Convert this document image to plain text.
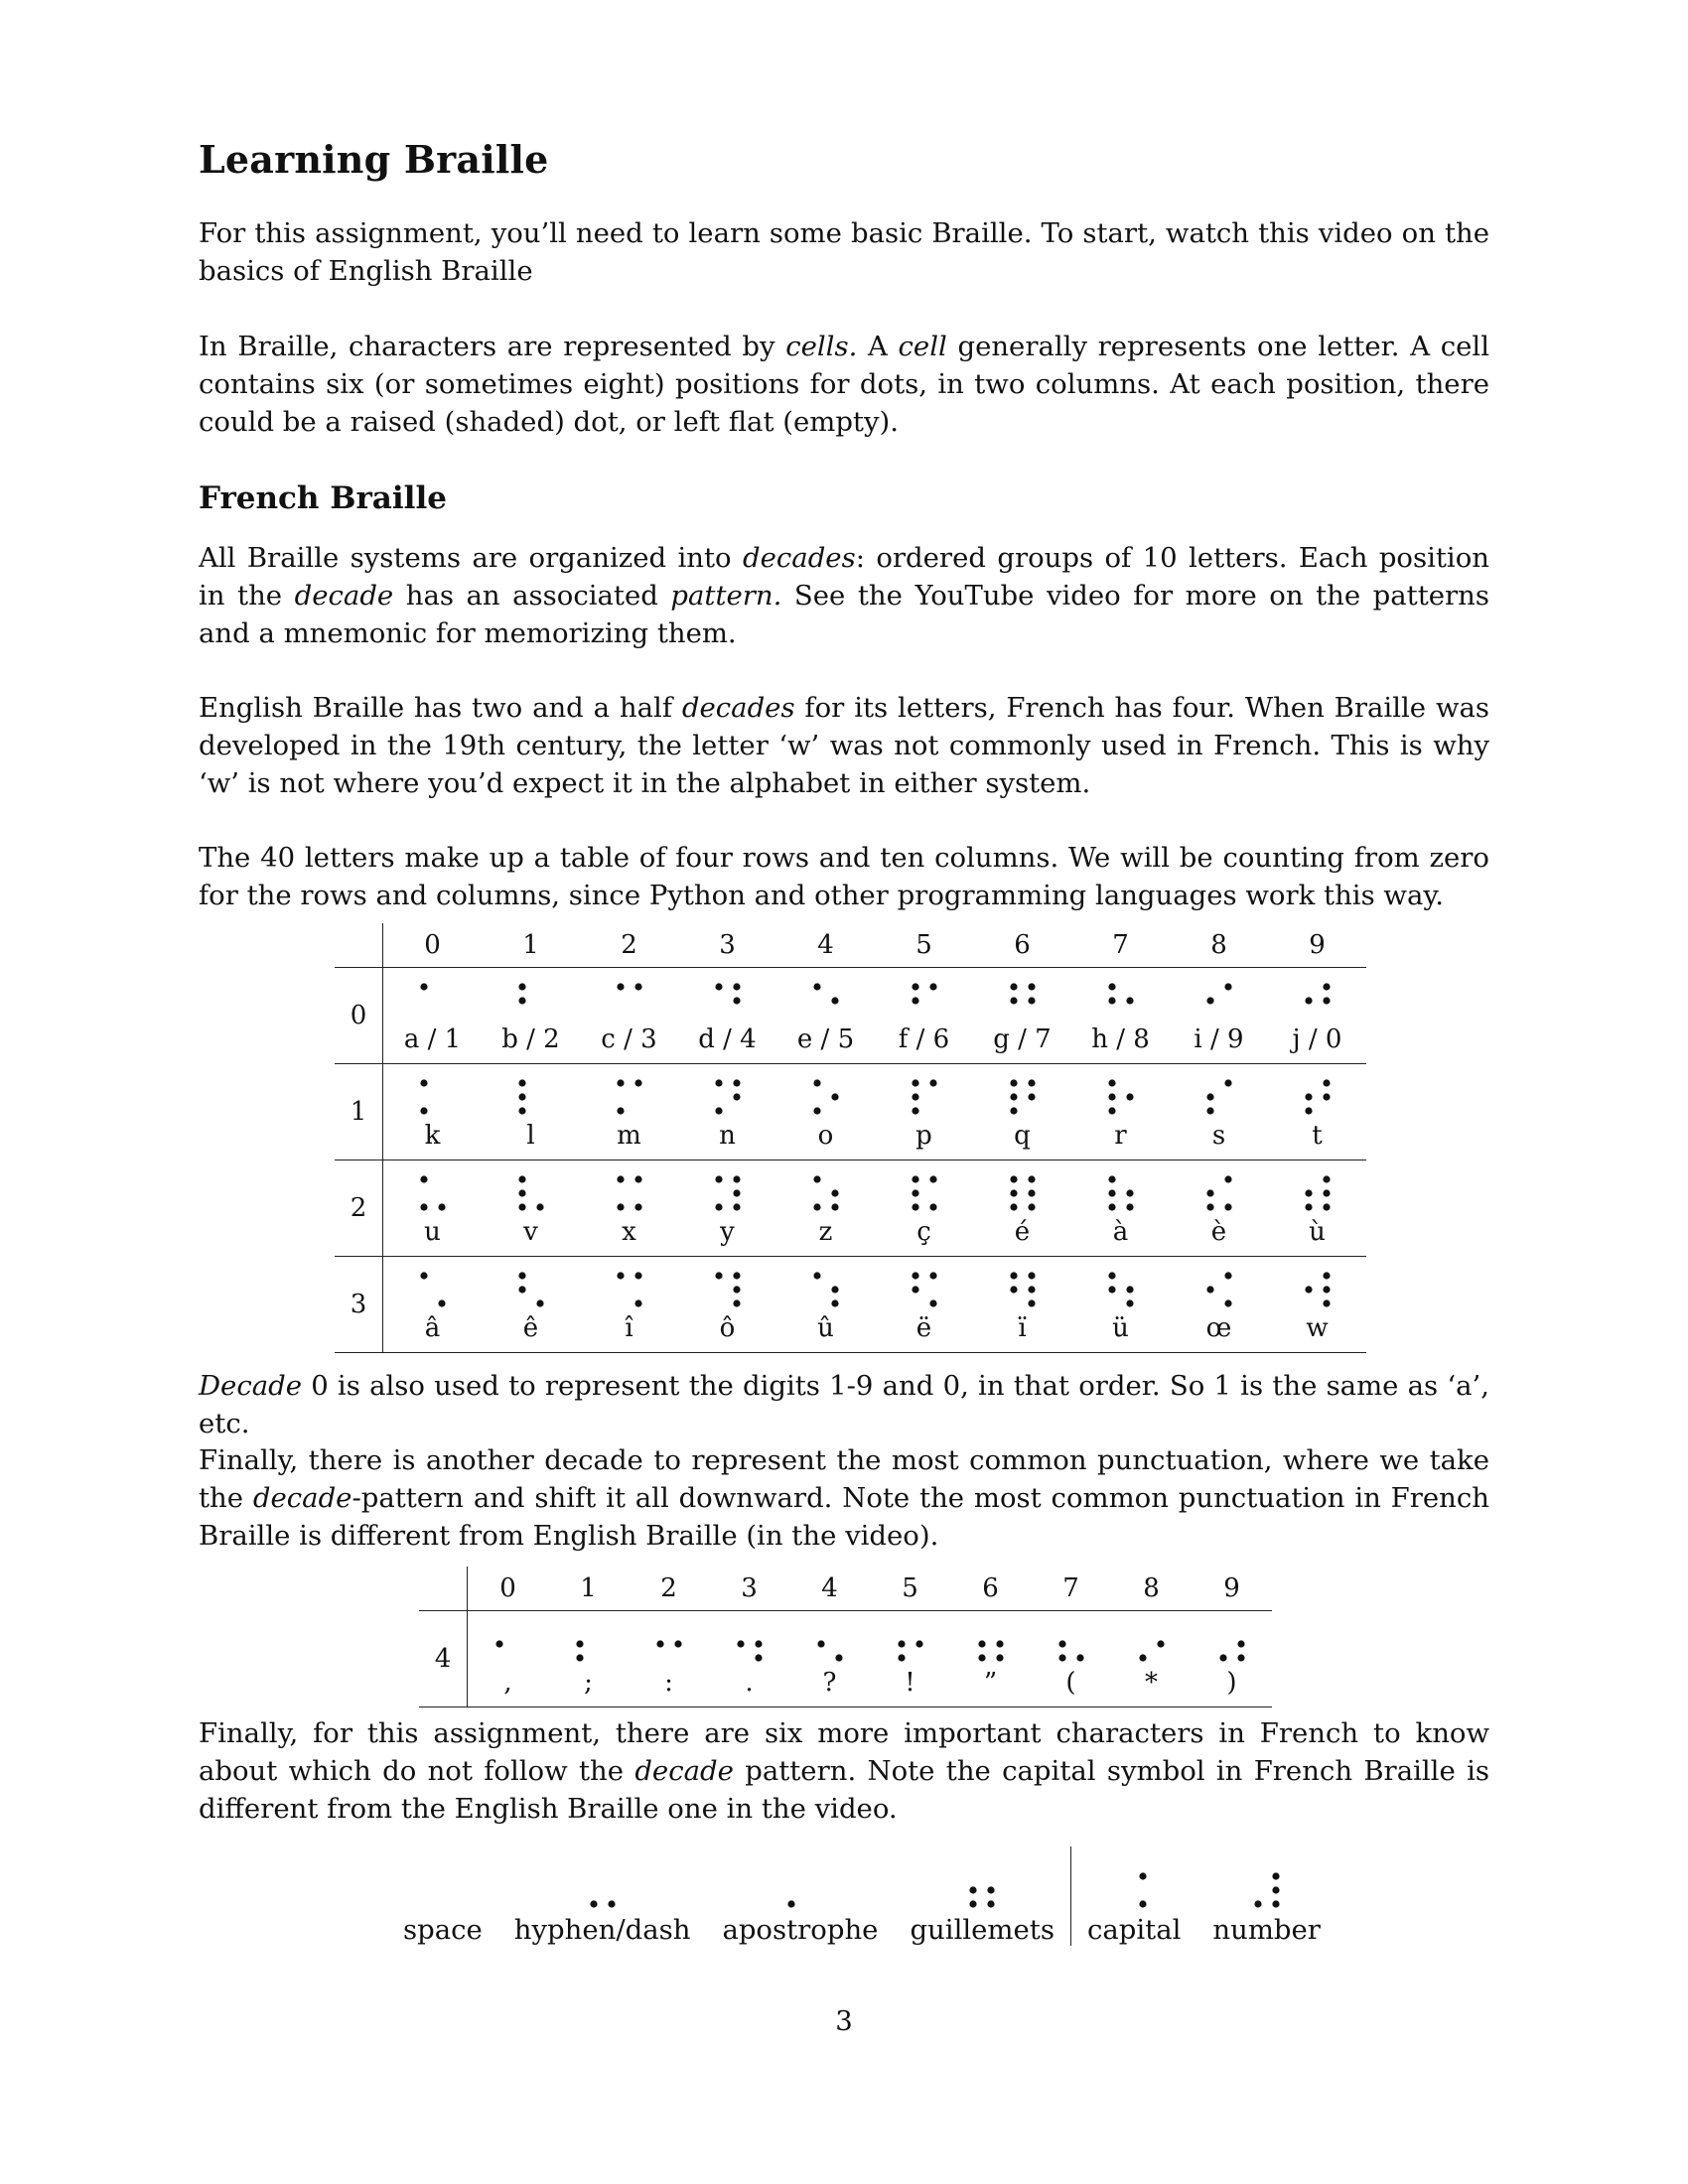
Learning Braille

For this assignment, you’ll need to learn some basic Braille. To start, watch this video on the basics of English Braille

In Braille, characters are represented by cells. A cell generally represents one letter. A cell contains six (or sometimes eight) positions for dots, in two columns. At each position, there could be a raised (shaded) dot, or left flat (empty).

French Braille

All Braille systems are organized into decades: ordered groups of 10 letters. Each position in the decade has an associated pattern. See the YouTube video for more on the patterns and a mnemonic for memorizing them.

English Braille has two and a half decades for its letters, French has four. When Braille was developed in the 19th century, the letter ‘w’ was not commonly used in French. This is why ‘w’ is not where you’d expect it in the alphabet in either system.

The 40 letters make up a table of four rows and ten columns. We will be counting from zero for the rows and columns, since Python and other programming languages work this way.

	0	1	2	3	4	5	6	7	8	9
0	a / 1	b / 2	c / 3	d / 4	e / 5	f / 6	g / 7	h / 8	i / 9	j / 0

1	k	l	m	n	o	p	q	r	s	t

2	u	v	x	y	z	ç	é	à	è	ù

3	â	ê	î	ô	û	ë	ï	ü	œ	w

Decade 0 is also used to represent the digits 1-9 and 0, in that order. So 1 is the same as ‘a’, etc.

Finally, there is another decade to represent the most common punctuation, where we take the decade-pattern and shift it all downward. Note the most common punctuation in French Braille is different from English Braille (in the video).

	0	1	2	3	4	5	6	7	8	9
4	,	;	:	.	?	!	”	(	*	)

Finally, for this assignment, there are six more important characters in French to know about which do not follow the decade pattern. Note the capital symbol in French Braille is different from the English Braille one in the video.

space hyphen/dash apostrophe guillemets capital number
3
